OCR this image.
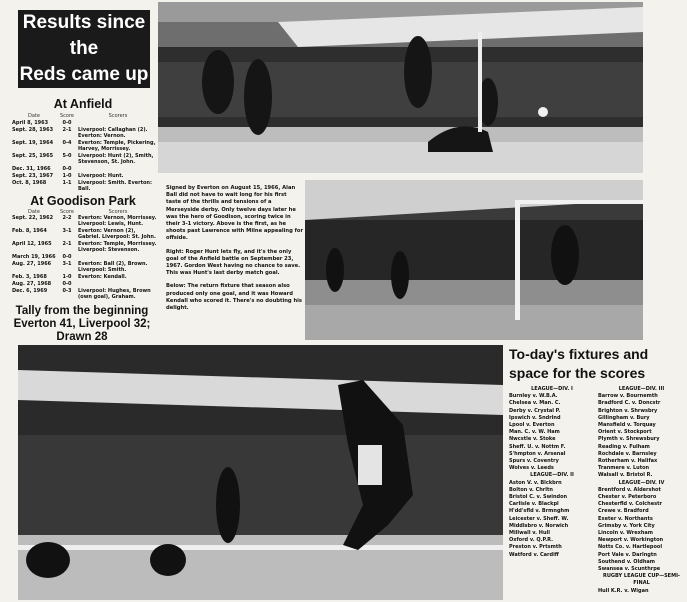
Results since the
Reds came up
At Anfield
Date	Score	Scorers
April 8, 1963	0-0
Sept. 28, 1963	2-1	Liverpool: Callaghan (2). Everton: Vernon.
Sept. 19, 1964	0-4	Everton: Temple, Pickering, Harvey, Morrissey.
Sept. 25, 1965	5-0	Liverpool: Hunt (2), Smith, Stevenson, St. John.
Dec. 31, 1966	0-0
Sept. 23, 1967	1-0	Liverpool: Hunt.
Oct. 8, 1968	1-1	Liverpool: Smith. Everton: Ball.
At Goodison Park
Date	Score	Scorers
Sept. 22, 1962	2-2	Everton: Vernon, Morrissey. Liverpool: Lewis, Hunt.
Feb. 8, 1964	3-1	Everton: Vernon (2), Gabriel. Liverpool: St. John.
April 12, 1965	2-1	Everton: Temple, Morrissey. Liverpool: Stevenson.
March 19, 1966	0-0
Aug. 27, 1966	3-1	Everton: Ball (2), Brown. Liverpool: Smith.
Feb. 3, 1968	1-0	Everton: Kendall.
Aug. 27, 1968	0-0
Dec. 6, 1969	0-3	Liverpool: Hughes, Brown (own goal), Graham.
Tally from the beginning
Everton 41, Liverpool 32; Drawn 28

Signed by Everton on August 15, 1966, Alan Ball did not have to wait long for his first taste of the thrills and tensions of a Merseyside derby. Only twelve days later he was the hero of Goodison, scoring twice in their 3-1 victory. Above is the first, as he shoots past Lawrence with Milne appealing for offside.

Right: Roger Hunt lets fly, and it's the only goal of the Anfield battle on September 23, 1967. Gordon West having no chance to save. This was Hunt's last derby match goal.

Below: The return fixture that season also produced only one goal, and it was Howard Kendall who scored it. There's no doubting his delight.

To-day's fixtures and
space for the scores
LEAGUE—DIV. I
Burnley v. W.B.A.
Chelsea v. Man. C.
Derby v. Crystal P.
Ipswich v. Sndrlnd
Lpool v. Everton
Man. C. v. W. Ham
Nwcstle v. Stoke
Sheff. U. v. Nottm F.
S'hmpton v. Arsenal
Spurs v. Coventry
Wolves v. Leeds
LEAGUE—DIV. II
Aston V. v. Blckbrn
Bolton v. Chrltn
Bristol C. v. Swindon
Carlisle v. Blackpl
H'dd'sfld v. Brmnghm
Leicester v. Sheff. W.
Middlsbro v. Norwich
Millwall v. Hull
Oxford v. Q.P.R.
Preston v. Prtsmth
Watford v. Cardiff
LEAGUE—DIV. III
Barrow v. Bournemth
Bradford C. v. Doncstr
Brighton v. Shrwsbry
Gillingham v. Bury
Mansfield v. Torquay
Orient v. Stockport
Plymth v. Shrewsbury
Reading v. Fulham
Rochdale v. Barnsley
Rotherham v. Halifax
Tranmere v. Luton
Walsall v. Bristol R.
LEAGUE—DIV. IV
Brentford v. Aldershot
Chester v. Peterboro
Chesterfld v. Colchestr
Crewe v. Bradford
Exeter v. Northants
Grimsby v. York City
Lincoln v. Wrexham
Newport v. Workington
Notts Co. v. Hartlepool
Port Vale v. Darlngtn
Southend v. Oldham
Swansea v. Scunthrpe
RUGBY LEAGUE CUP—SEMI-FINAL
Hull K.R. v. Wigan
